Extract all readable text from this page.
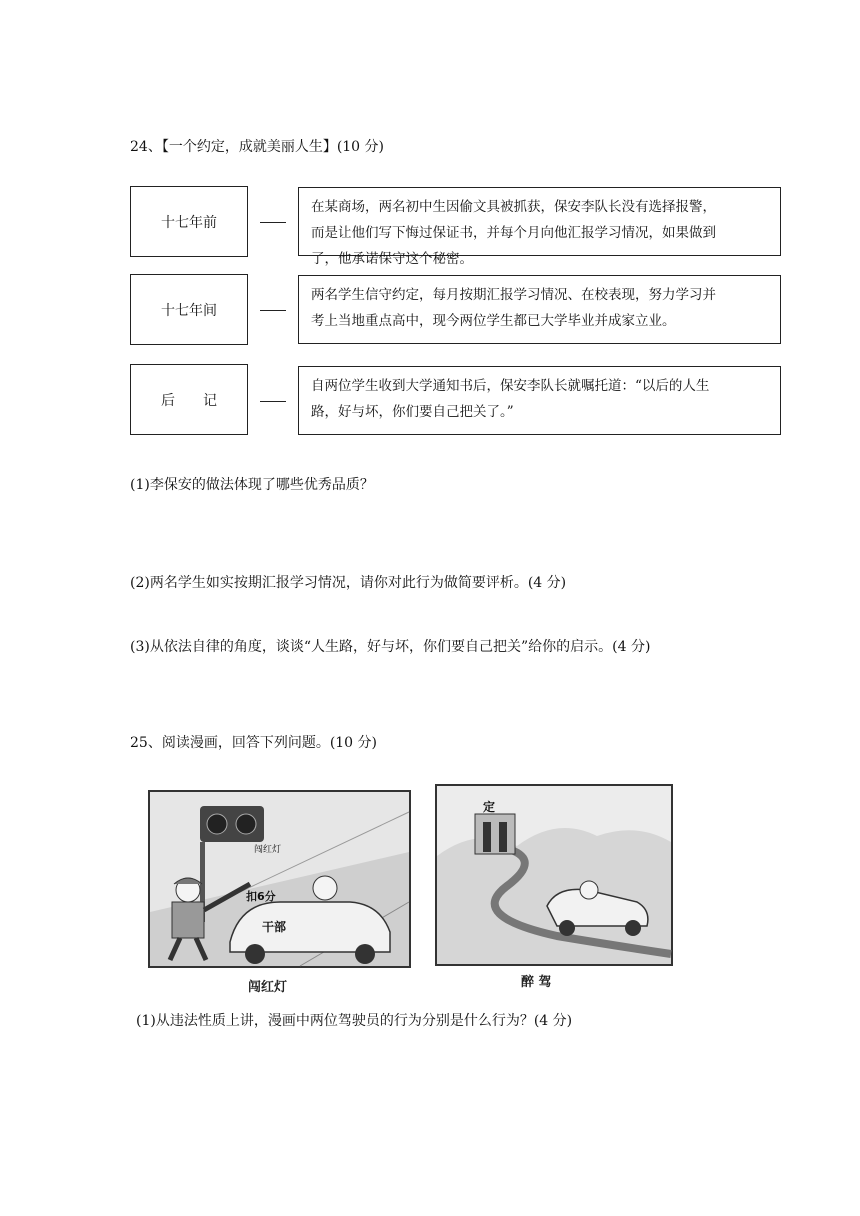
24、【一个约定，成就美丽人生】(10 分)
十七年前
在某商场，两名初中生因偷文具被抓获，保安李队长没有选择报警，
而是让他们写下悔过保证书，并每个月向他汇报学习情况，如果做到
了，他承诺保守这个秘密。
十七年间
两名学生信守约定，每月按期汇报学习情况、在校表现，努力学习并
考上当地重点高中，现今两位学生都已大学毕业并成家立业。
后　　记
自两位学生收到大学通知书后，保安李队长就嘱托道：“以后的人生
路，好与坏，你们要自己把关了。”
(1)李保安的做法体现了哪些优秀品质？
(2)两名学生如实按期汇报学习情况，请你对此行为做简要评析。(4 分)
(3)从依法自律的角度，谈谈“人生路，好与坏，你们要自己把关”给你的启示。(4 分)
25、阅读漫画，回答下列问题。(10 分)
闯红灯
扣6分
干部
闯红灯
定
醉 驾
(1)从违法性质上讲，漫画中两位驾驶员的行为分别是什么行为？(4 分)
